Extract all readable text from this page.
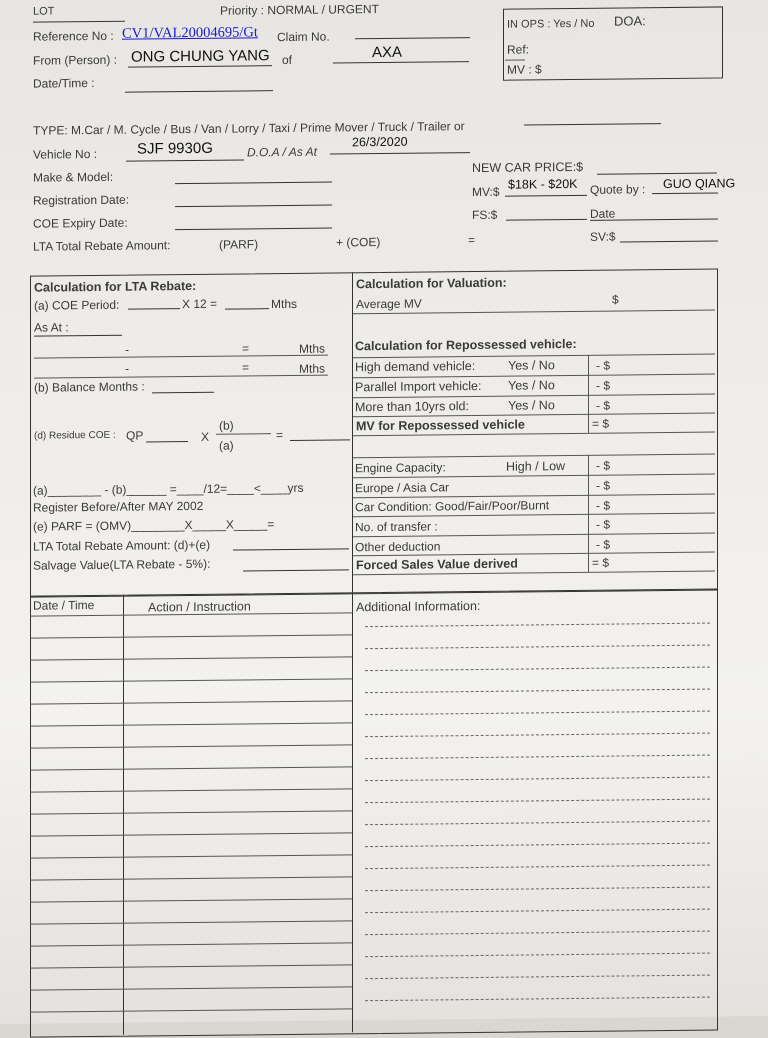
LOT	Priority : NORMAL / URGENT
Reference No : CV1/VAL20004695/Gt Claim No.
From (Person) : ONG CHUNG YANG of	AXA
Date/Time :
IN OPS : Yes / No DOA:
Ref:
MV : $
TYPE: M.Car / M. Cycle / Bus / Van / Lorry / Taxi / Prime Mover / Truck / Trailer or
Vehicle No :	SJF 9930G	D.O.A / As At
26/3/2020
Make & Model:
Registration Date:
COE Expiry Date:
LTA Total Rebate Amount:	(PARF)	+ (COE)	=
NEW CAR PRICE:$
MV:$
$18K - $20K Quote by : GUO QIANG
FS:$	Date
SV:$
Calculation for LTA Rebate:
(a) COE Period:	X 12 =	Mths
As At :
-	=	Mths
-	=	Mths
(b) Balance Months :
(d) Residue COE : QP	X
(b)
(a)
=
(a)________ - (b)______ =____/12=____<____yrs
Register Before/After MAY 2002
(e) PARF = (OMV)________X_____X_____=
LTA Total Rebate Amount: (d)+(e)
Salvage Value(LTA Rebate - 5%):
Calculation for Valuation:
Average MV	$
Calculation for Repossessed vehicle:
High demand vehicle:	Yes / No	- $
Parallel Import vehicle: Yes / No	- $
More than 10yrs old:	Yes / No	- $
MV for Repossessed vehicle	= $
Engine Capacity:	High / Low	- $
Europe / Asia Car	- $
Car Condition: Good/Fair/Poor/Burnt	- $
No. of transfer :	- $
Other deduction	- $
Forced Sales Value derived	= $
Date / Time	Action / Instruction	Additional Information:
